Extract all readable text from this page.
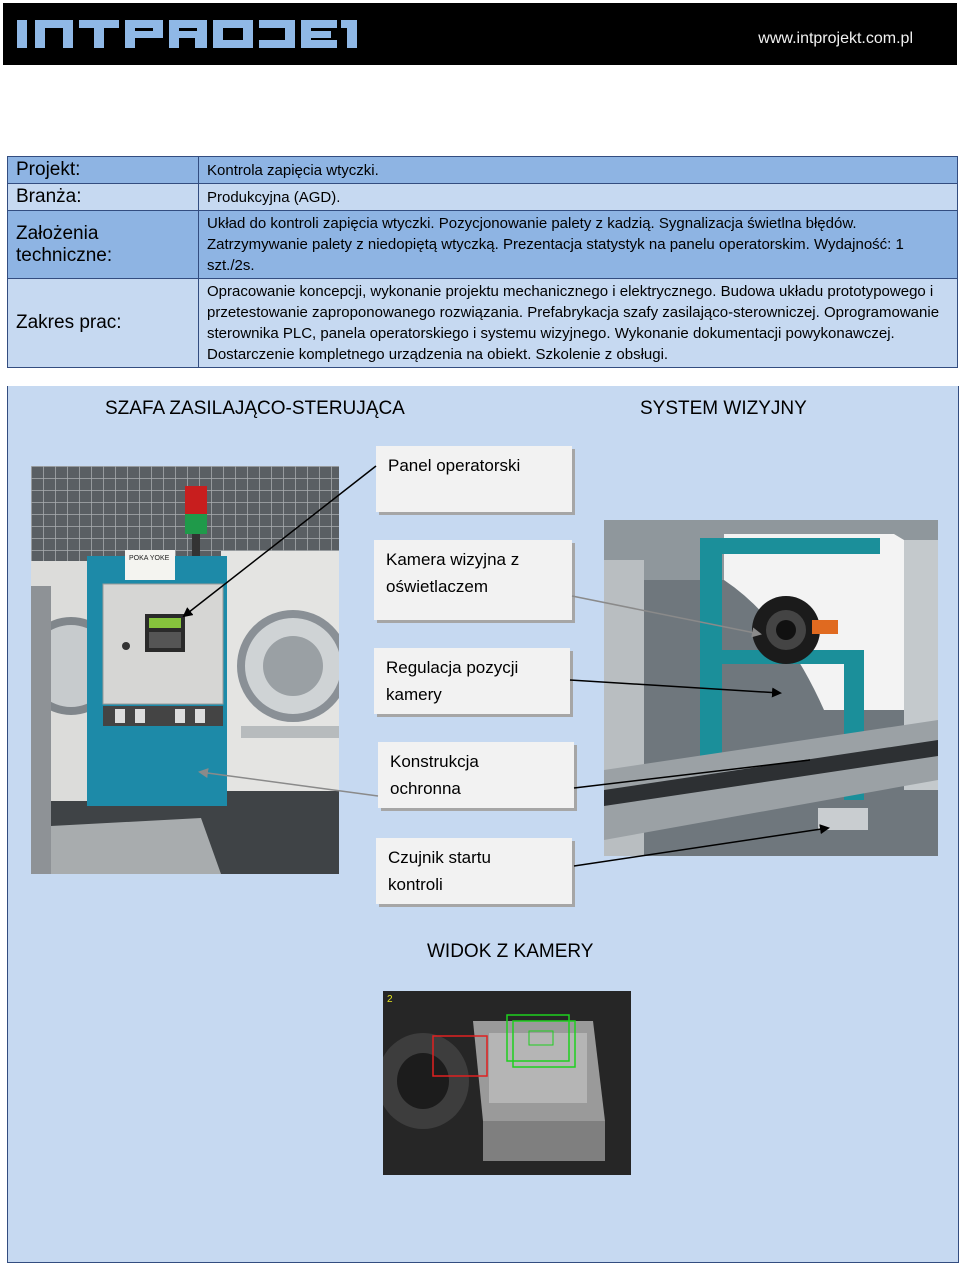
www.intprojekt.com.pl
Projekt:	Kontrola zapięcia wtyczki.
Branża:	Produkcyjna (AGD).

Założenia
techniczne:	Układ do kontroli zapięcia wtyczki. Pozycjonowanie palety z kadzią. Sygnalizacja świetlna błędów. Zatrzymywanie palety z niedopiętą wtyczką. Prezentacja statystyk na panelu operatorskim. Wydajność: 1 szt./2s.
Zakres prac:	Opracowanie koncepcji, wykonanie projektu mechanicznego i elektrycznego. Budowa układu prototypowego i przetestowanie zaproponowanego rozwiązania. Prefabrykacja szafy zasilająco-sterowniczej. Oprogramowanie sterownika PLC, panela operatorskiego i systemu wizyjnego. Wykonanie dokumentacji powykonawczej. Dostarczenie kompletnego urządzenia na obiekt. Szkolenie z obsługi.
SZAFA ZASILAJĄCO-STERUJĄCA	SYSTEM WIZYJNY
WIDOK Z KAMERY
POKA YOKE
2
Panel operatorski
Kamera wizyjna z
oświetlaczem
Regulacja pozycji
kamery
Konstrukcja
ochronna
Czujnik startu
kontroli
